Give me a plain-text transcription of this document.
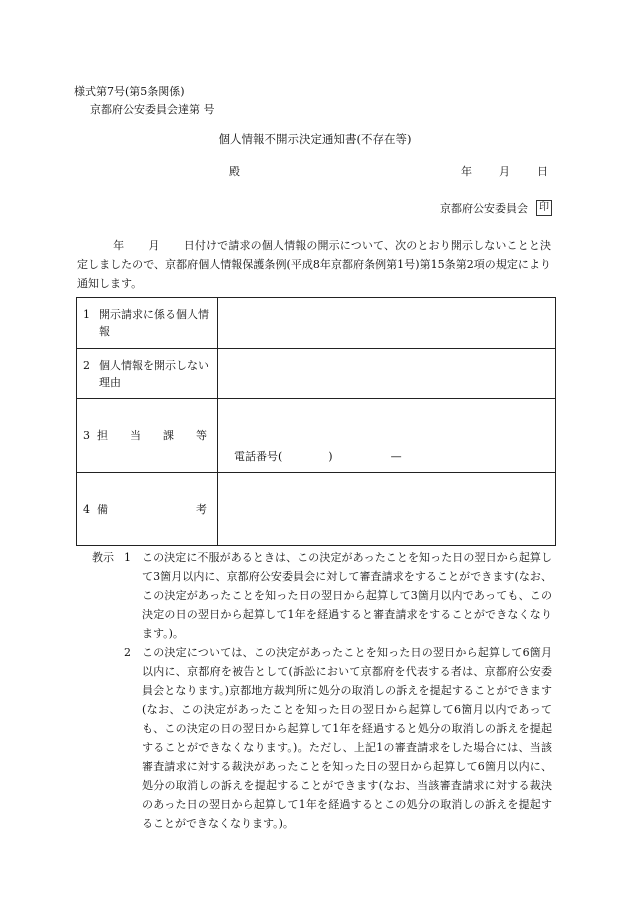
様式第7号(第5条関係)
京都府公安委員会達第 号
個人情報不開示決定通知書(不存在等)
殿	年	月	日
京都府公安委員会	印

年 月 日付けで請求の個人情報の開示について、次のとおり開示しないことと決定しましたので、京都府個人情報保護条例(平成8年京都府条例第1号)第15条第2項の規定により通知します。

1 開示請求に係る個人情報	

2 個人情報を開示しない理由	

3 担 当 課 等	電話番号( ) —

4 備 考	

教示 1	この決定に不服があるときは、この決定があったことを知った日の翌日から起算して3箇月以内に、京都府公安委員会に対して審査請求をすることができます(なお、この決定があったことを知った日の翌日から起算して3箇月以内であっても、この決定の日の翌日から起算して1年を経過すると審査請求をすることができなくなります。)。
2	この決定については、この決定があったことを知った日の翌日から起算して6箇月以内に、京都府を被告として(訴訟において京都府を代表する者は、京都府公安委員会となります。)京都地方裁判所に処分の取消しの訴えを提起することができます(なお、この決定があったことを知った日の翌日から起算して6箇月以内であっても、この決定の日の翌日から起算して1年を経過すると処分の取消しの訴えを提起することができなくなります。)。ただし、上記1の審査請求をした場合には、当該審査請求に対する裁決があったことを知った日の翌日から起算して6箇月以内に、処分の取消しの訴えを提起することができます(なお、当該審査請求に対する裁決のあった日の翌日から起算して1年を経過するとこの処分の取消しの訴えを提起することができなくなります。)。
